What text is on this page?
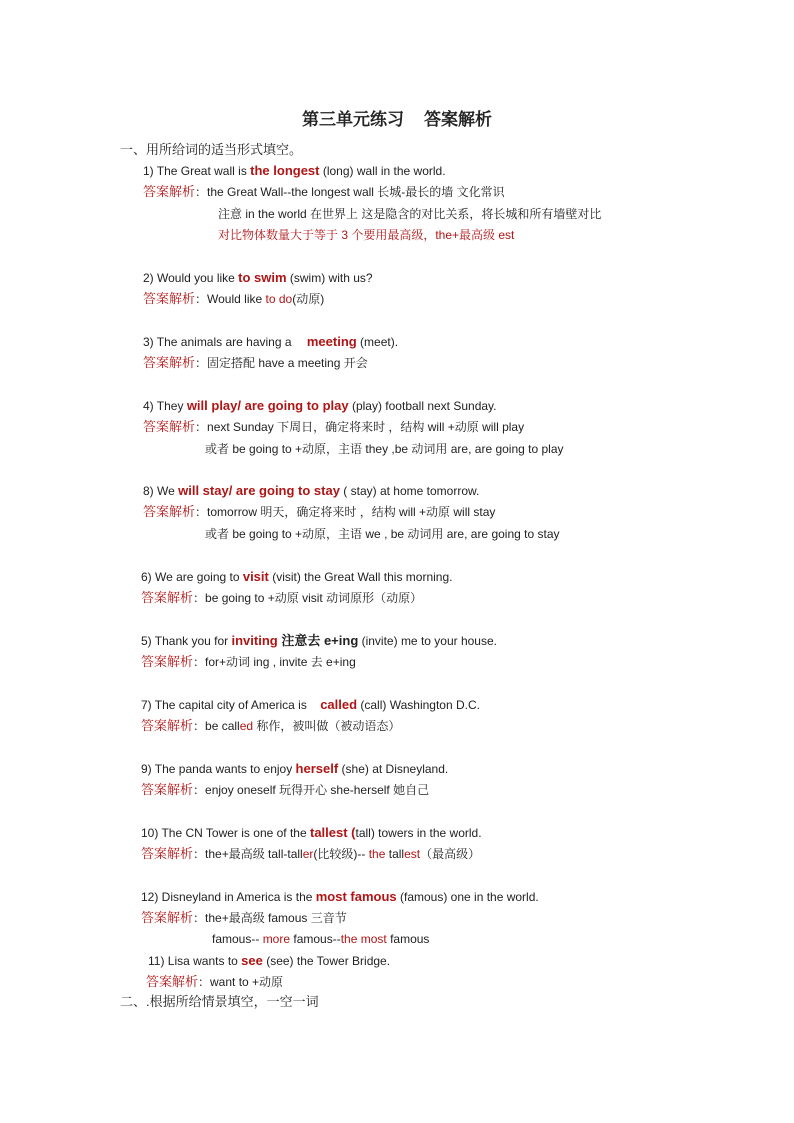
第三单元练习 答案解析
一、用所给词的适当形式填空。
1) The Great wall is the longest (long) wall in the world.
答案解析：the Great Wall--the longest wall 长城-最长的墙 文化常识
注意 in the world 在世界上 这是隐含的对比关系，将长城和所有墙壁对比
对比物体数量大于等于 3 个要用最高级，the+最高级 est
2) Would you like to swim (swim) with us?
答案解析：Would like to do(动原)
3) The animals are having a meeting (meet).
答案解析：固定搭配 have a meeting 开会
4) They will play/ are going to play (play) football next Sunday.
答案解析：next Sunday 下周日，确定将来时 ，结构 will +动原 will play
或者 be going to +动原，主语 they ,be 动词用 are, are going to play
8) We will stay/ are going to stay ( stay) at home tomorrow.
答案解析：tomorrow 明天，确定将来时 ，结构 will +动原 will stay
或者 be going to +动原，主语 we , be 动词用 are, are going to stay
6) We are going to visit (visit) the Great Wall this morning.
答案解析：be going to +动原 visit 动词原形（动原）
5) Thank you for inviting 注意去 e+ing (invite) me to your house.
答案解析：for+动词 ing , invite 去 e+ing
7) The capital city of America is called (call) Washington D.C.
答案解析：be called 称作，被叫做（被动语态）
9) The panda wants to enjoy herself (she) at Disneyland.
答案解析：enjoy oneself 玩得开心 she-herself 她自己
10) The CN Tower is one of the tallest (tall) towers in the world.
答案解析：the+最高级 tall-taller(比较级)-- the tallest（最高级）
12) Disneyland in America is the most famous (famous) one in the world.
答案解析：the+最高级 famous 三音节
famous-- more famous--the most famous
11) Lisa wants to see (see) the Tower Bridge.
答案解析：want to +动原
二、.根据所给情景填空，一空一词
